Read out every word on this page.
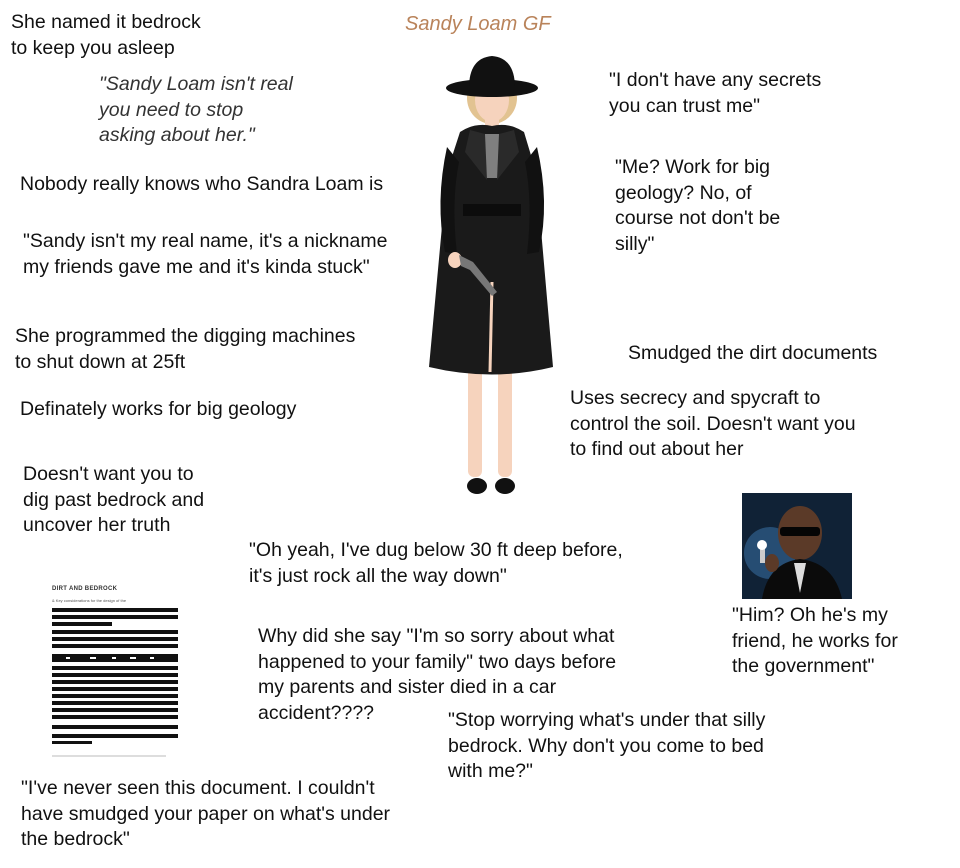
Sandy Loam GF

She named it bedrock
to keep you asleep

"Sandy Loam isn't real
you need to stop
asking about her."

Nobody really knows who Sandra Loam is

"Sandy isn't my real name, it's a nickname
my friends gave me and it's kinda stuck"

She programmed the digging machines
to shut down at 25ft

Definately works for big geology

Doesn't want you to
dig past bedrock and
uncover her truth

"I don't have any secrets
you can trust me"

"Me? Work for big
geology? No, of
course not don't be
silly"

Smudged the dirt documents

Uses secrecy and spycraft to
control the soil. Doesn't want you
to find out about her

"Him? Oh he's my
friend, he works for
the government"

"Oh yeah, I've dug below 30 ft deep before,
it's just rock all the way down"

Why did she say "I'm so sorry about what
happened to your family" two days before
my parents and sister died in a car
accident????	"Stop worrying what's under that silly
bedrock. Why don't you come to bed
with me?"

"I've never seen this document. I couldn't
have smudged your paper on what's under
the bedrock"

DIRT AND BEDROCK

& Key considerations for the design of the
